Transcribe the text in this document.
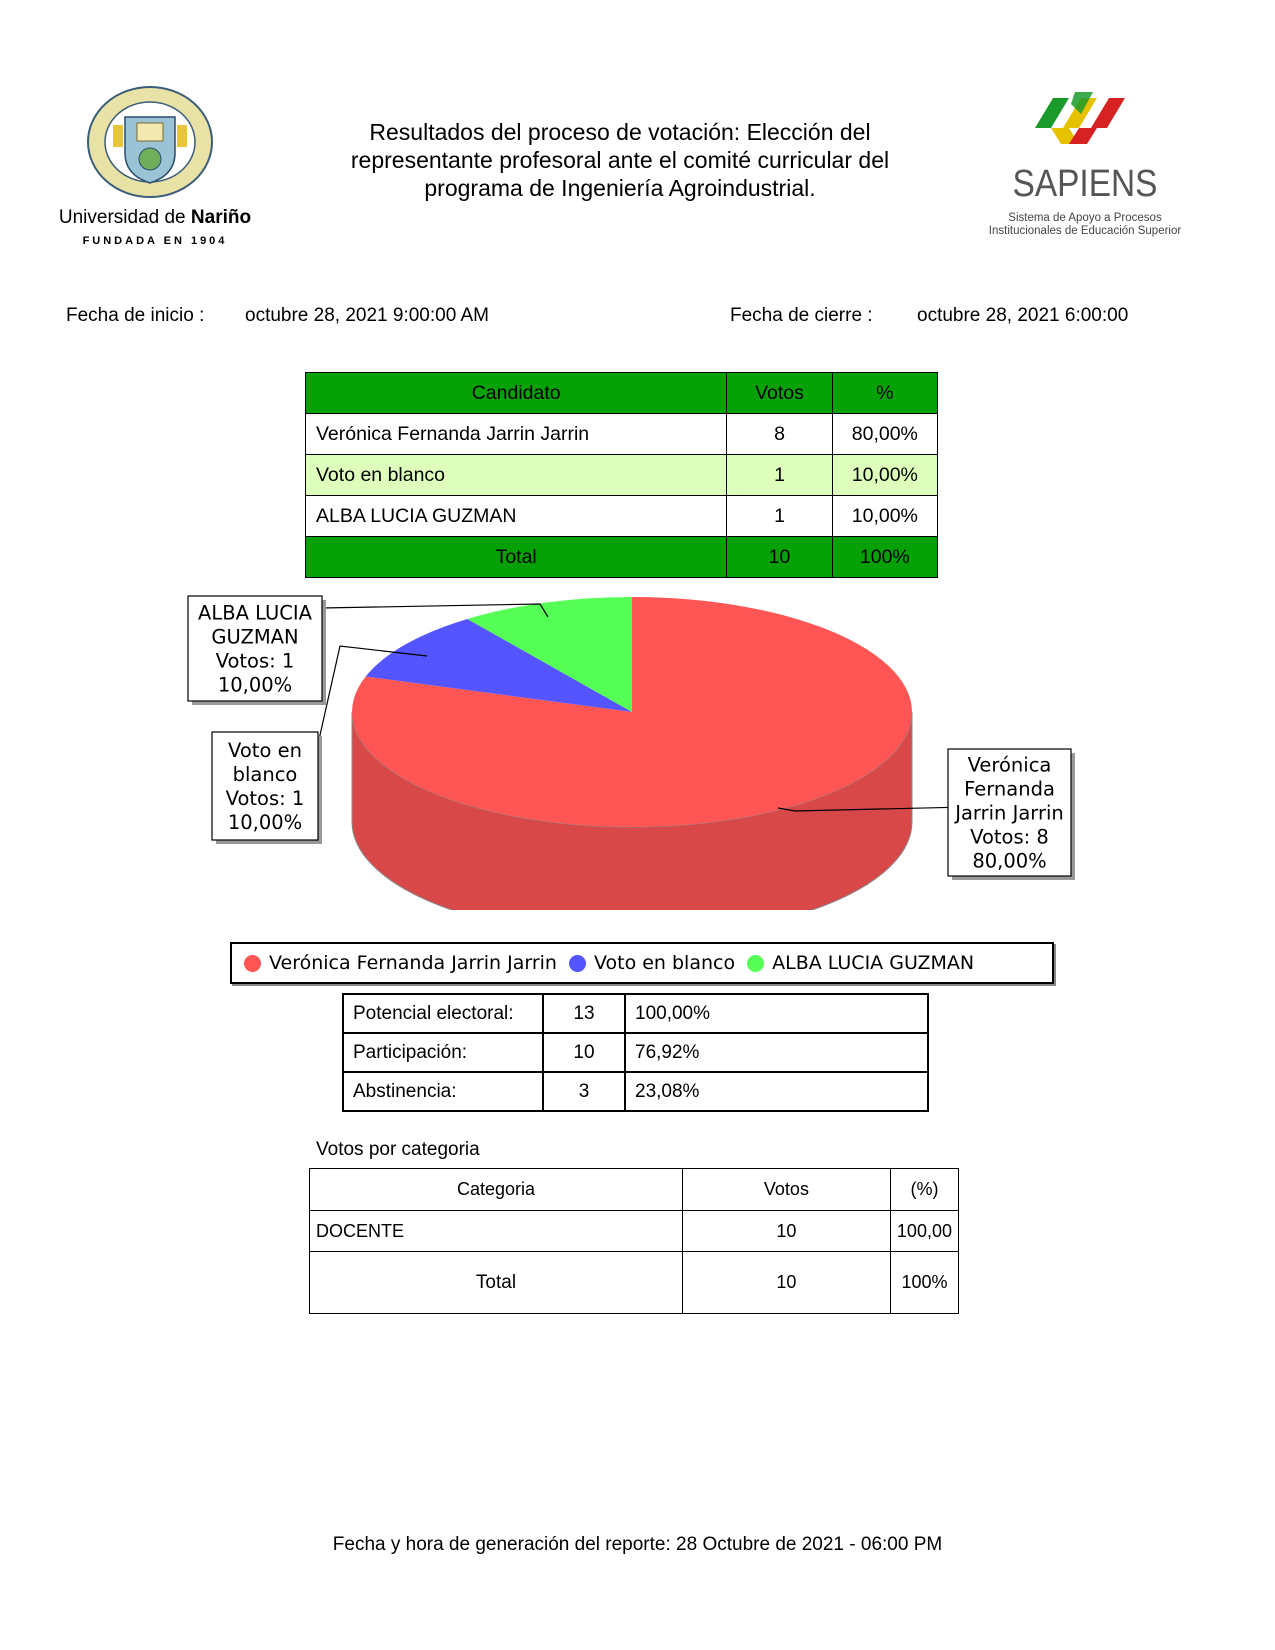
Universidad de Nariño
FUNDADA EN 1904
Resultados del proceso de votación: Elección del representante profesoral ante el comité curricular del programa de Ingeniería Agroindustrial.	SAPIENS
Sistema de Apoyo a Procesos
Institucionales de Educación Superior
Fecha de inicio : octubre 28, 2021 9:00:00 AM	Fecha de cierre : octubre 28, 2021 6:00:00
Candidato	Votos	%
Verónica Fernanda Jarrin Jarrin	8	80,00%
Voto en blanco	1	10,00%
ALBA LUCIA GUZMAN	1	10,00%
Total	10	100%
Verónica
Fernanda
Jarrin Jarrin
Votos: 8
80,00%
Voto en
blanco
Votos: 1
10,00%
ALBA LUCIA
GUZMAN
Votos: 1
10,00%
Verónica Fernanda Jarrin Jarrin Voto en blanco ALBA LUCIA GUZMAN
Potencial electoral:	13	100,00%
Participación:	10	76,92%
Abstinencia:	3	23,08%
Votos por categoria
Categoria	Votos	(%)
DOCENTE	10	100,00
Total	10	100%
Fecha y hora de generación del reporte: 28 Octubre de 2021 - 06:00 PM
